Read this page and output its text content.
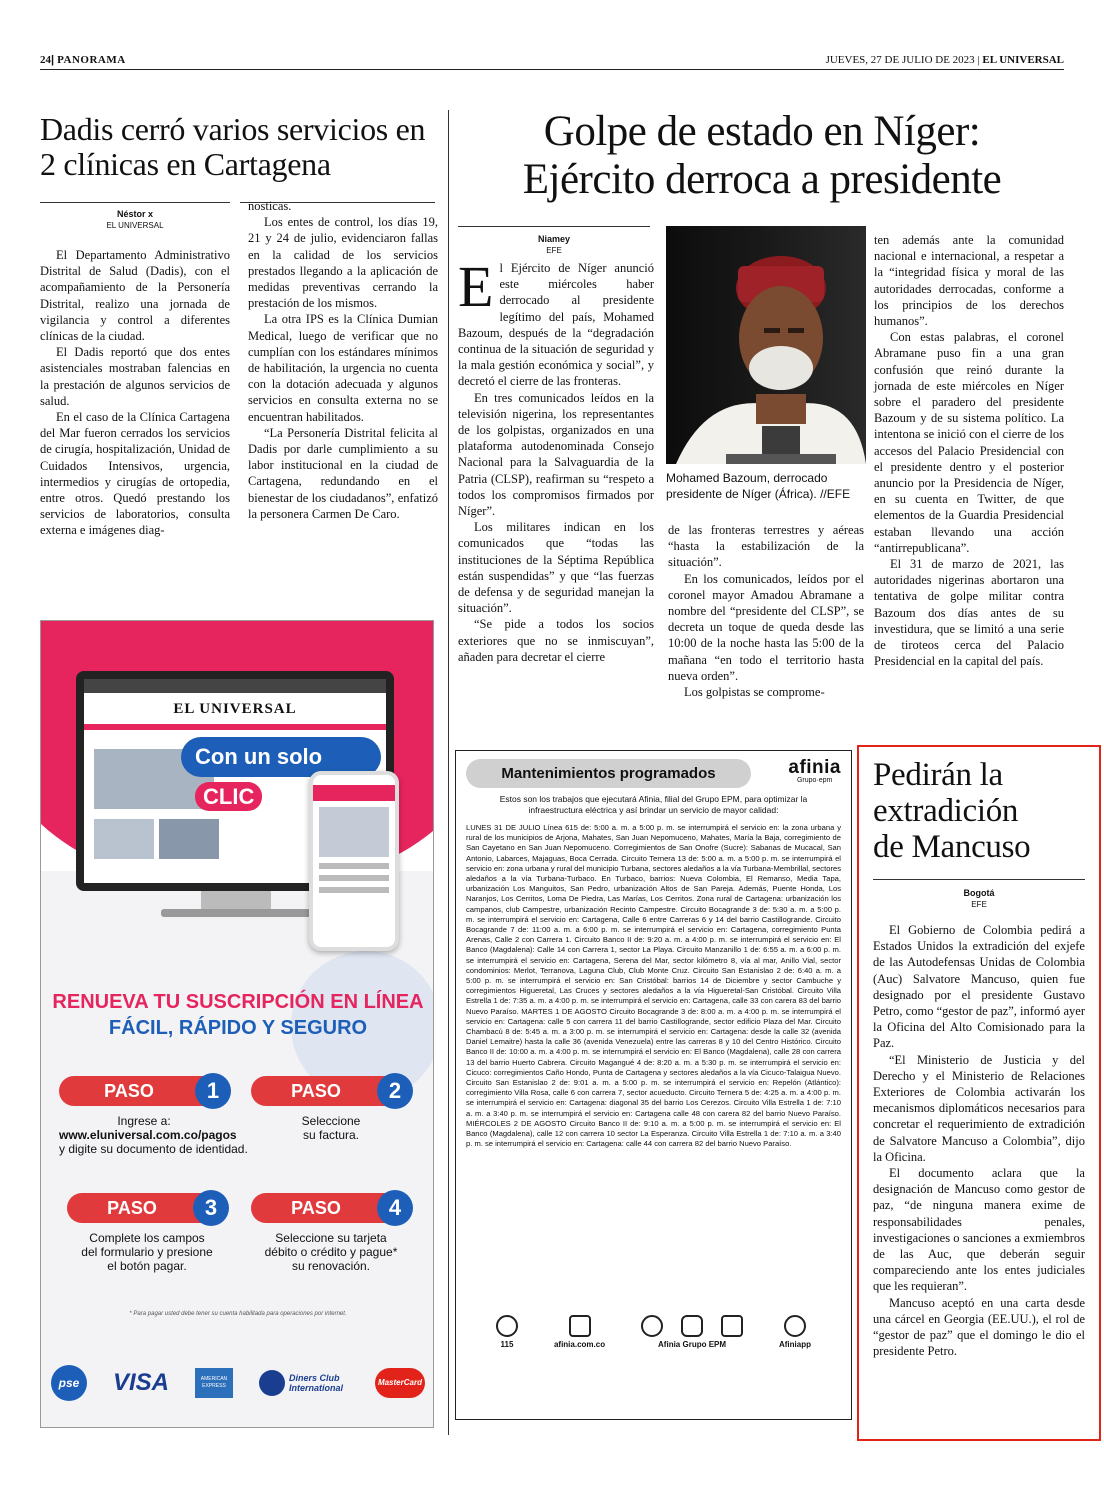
24| PANORAMA	JUEVES, 27 DE JULIO DE 2023 | EL UNIVERSAL
Dadis cerró varios servicios en 2 clínicas en Cartagena
Néstor x
EL UNIVERSAL

El Departamento Administrativo Distrital de Salud (Dadis), con el acompañamiento de la Personería Distrital, realizo una jornada de vigilancia y control a diferentes clínicas de la ciudad.

El Dadis reportó que dos entes asistenciales mostraban falencias en la prestación de algunos servicios de salud.

En el caso de la Clínica Cartagena del Mar fueron cerrados los servicios de cirugía, hospitalización, Unidad de Cuidados Intensivos, urgencia, intermedios y cirugías de ortopedia, entre otros. Quedó prestando los servicios de laboratorios, consulta externa e imágenes diag-

nosticas.

Los entes de control, los días 19, 21 y 24 de julio, evidenciaron fallas en la calidad de los servicios prestados llegando a la aplicación de medidas preventivas cerrando la prestación de los mismos.

La otra IPS es la Clínica Dumian Medical, luego de verificar que no cumplían con los estándares mínimos de habilitación, la urgencia no cuenta con la dotación adecuada y algunos servicios en consulta externa no se encuentran habilitados.

“La Personería Distrital felicita al Dadis por darle cumplimiento a su labor institucional en la ciudad de Cartagena, redundando en el bienestar de los ciudadanos”, enfatizó la personera Carmen De Caro.

Golpe de estado en Níger:
Ejército derroca a presidente
Niamey
EFE

El Ejército de Níger anunció este miércoles haber derrocado al presidente legítimo del país, Mohamed Bazoum, después de la “degradación continua de la situación de seguridad y la mala gestión económica y social”, y decretó el cierre de las fronteras.

En tres comunicados leídos en la televisión nigerina, los representantes de los golpistas, organizados en una plataforma autodenominada Consejo Nacional para la Salvaguardia de la Patria (CLSP), reafirman su “respeto a todos los compromisos firmados por Níger”.

Los militares indican en los comunicados que “todas las instituciones de la Séptima República están suspendidas” y que “las fuerzas de defensa y de seguridad manejan la situación”.

“Se pide a todos los socios exteriores que no se inmiscuyan”, añaden para decretar el cierre

Mohamed Bazoum, derrocado presidente de Níger (África). //EFE

de las fronteras terrestres y aéreas “hasta la estabilización de la situación”.

En los comunicados, leídos por el coronel mayor Amadou Abramane a nombre del “presidente del CLSP”, se decreta un toque de queda desde las 10:00 de la noche hasta las 5:00 de la mañana “en todo el territorio hasta nueva orden”.

Los golpistas se comprome-

ten además ante la comunidad nacional e internacional, a respetar a la “integridad física y moral de las autoridades derrocadas, conforme a los principios de los derechos humanos”.

Con estas palabras, el coronel Abramane puso fin a una gran confusión que reinó durante la jornada de este miércoles en Níger sobre el paradero del presidente Bazoum y de su sistema político. La intentona se inició con el cierre de los accesos del Palacio Presidencial con el presidente dentro y el posterior anuncio por la Presidencia de Níger, en su cuenta en Twitter, de que elementos de la Guardia Presidencial estaban llevando una acción “antirrepublicana”.

El 31 de marzo de 2021, las autoridades nigerinas abortaron una tentativa de golpe militar contra Bazoum dos días antes de su investidura, que se limitó a una serie de tiroteos cerca del Palacio Presidencial en la capital del país.

EL UNIVERSAL
Con un solo CLIC
RENUEVA TU SUSCRIPCIÓN EN LÍNEA
FÁCIL, RÁPIDO Y SEGURO
PASO	1
Ingrese a:
www.eluniversal.com.co/pagos
y digite su documento de identidad.
PASO	2
Seleccione
su factura.
PASO	3
Complete los campos
del formulario y presione
el botón pagar.
PASO	4
Seleccione su tarjeta
débito o crédito y pague*
su renovación.
* Para pagar usted debe tener su cuenta habilitada para operaciones por internet.
pse	VISA	AMERICAN EXPRESS
Diners Club International
MasterCard
Mantenimientos programados	afinia
Grupo·epm
Estos son los trabajos que ejecutará Afinia, filial del Grupo EPM, para optimizar la infraestructura eléctrica y así brindar un servicio de mayor calidad:
LUNES 31 DE JULIO Línea 615 de: 5:00 a. m. a 5:00 p. m. se interrumpirá el servicio en: la zona urbana y rural de los municipios de Arjona, Mahates, San Juan Nepomuceno, Mahates, María la Baja, corregimiento de San Cayetano en San Juan Nepomuceno. Corregimientos de San Onofre (Sucre): Sabanas de Mucacal, San Antonio, Labarces, Majaguas, Boca Cerrada. Circuito Ternera 13 de: 5:00 a. m. a 5:00 p. m. se interrumpirá el servicio en: zona urbana y rural del municipio Turbana, sectores aledaños a la vía Turbana-Membrillal, sectores aledaños a la vía Turbana-Turbaco. En Turbaco, barrios: Nueva Colombia, El Remanso, Media Tapa, urbanización Los Manguitos, San Pedro, urbanización Altos de San Pareja. Además, Puente Honda, Los Naranjos, Los Cerritos, Loma De Piedra, Las Marías, Los Cerritos. Zona rural de Cartagena: urbanización los campanos, club Campestre, urbanización Recinto Campestre. Circuito Bocagrande 3 de: 5:30 a. m. a 5:00 p. m. se interrumpirá el servicio en: Cartagena, Calle 6 entre Carreras 6 y 14 del barrio Castillogrande. Circuito Bocagrande 7 de: 11:00 a. m. a 6:00 p. m. se interrumpirá el servicio en: Cartagena, corregimiento Punta Arenas, Calle 2 con Carrera 1. Circuito Banco II de: 9:20 a. m. a 4:00 p. m. se interrumpirá el servicio en: El Banco (Magdalena): Calle 14 con Carrera 1, sector La Playa. Circuito Manzanillo 1 de: 6:55 a. m. a 6:00 p. m. se interrumpirá el servicio en: Cartagena, Serena del Mar, sector kilómetro 8, vía al mar, Anillo Vial, sector condominios: Merlot, Terranova, Laguna Club, Club Monte Cruz. Circuito San Estanislao 2 de: 6:40 a. m. a 5:00 p. m. se interrumpirá el servicio en: San Cristóbal: barrios 14 de Diciembre y sector Cambuche y corregimientos Higueretal, Las Cruces y sectores aledaños a la vía Higueretal-San Cristóbal. Circuito Villa Estrella 1 de: 7:35 a. m. a 4:00 p. m. se interrumpirá el servicio en: Cartagena, calle 33 con carera 83 del barrio Nuevo Paraíso. MARTES 1 DE AGOSTO Circuito Bocagrande 3 de: 8:00 a. m. a 4:00 p. m. se interrumpirá el servicio en: Cartagena: calle 5 con carrera 11 del barrio Castillogrande, sector edificio Plaza del Mar. Circuito Chambacú 8 de: 5:45 a. m. a 3:00 p. m. se interrumpirá el servicio en: Cartagena: desde la calle 32 (avenida Daniel Lemaitre) hasta la calle 36 (avenida Venezuela) entre las carreras 8 y 10 del Centro Histórico. Circuito Banco II de: 10:00 a. m. a 4:00 p. m. se interrumpirá el servicio en: El Banco (Magdalena), calle 28 con carrera 13 del barrio Huerto Cabrera. Circuito Magangué 4 de: 8:20 a. m. a 5:30 p. m. se interrumpirá el servicio en: Cicuco: corregimientos Caño Hondo, Punta de Cartagena y sectores aledaños a la vía Cicuco-Talaigua Nuevo. Circuito San Estanislao 2 de: 9:01 a. m. a 5:00 p. m. se interrumpirá el servicio en: Repelón (Atlántico): corregimiento Villa Rosa, calle 6 con carrera 7, sector acueducto. Circuito Ternera 5 de: 4:25 a. m. a 4:00 p. m. se interrumpirá el servicio en: Cartagena: diagonal 35 del barrio Los Cerezos. Circuito Villa Estrella 1 de: 7:10 a. m. a 3:40 p. m. se interrumpirá el servicio en: Cartagena calle 48 con carera 82 del barrio Nuevo Paraíso. MIÉRCOLES 2 DE AGOSTO Circuito Banco II de: 9:10 a. m. a 5:00 p. m. se interrumpirá el servicio en: El Banco (Magdalena), calle 12 con carrera 10 sector La Esperanza. Circuito Villa Estrella 1 de: 7:10 a. m. a 3:40 p. m. se interrumpirá el servicio en: Cartagena: calle 44 con carrera 82 del barrio Nuevo Paraíso.
115	afinia.com.co	Afinia Grupo EPM	Afiniapp
Pedirán la
extradición
de Mancuso
Bogotá
EFE

El Gobierno de Colombia pedirá a Estados Unidos la extradición del exjefe de las Autodefensas Unidas de Colombia (Auc) Salvatore Mancuso, quien fue designado por el presidente Gustavo Petro, como “gestor de paz”, informó ayer la Oficina del Alto Comisionado para la Paz.

“El Ministerio de Justicia y del Derecho y el Ministerio de Relaciones Exteriores de Colombia activarán los mecanismos diplomáticos necesarios para concretar el requerimiento de extradición de Salvatore Mancuso a Colombia”, dijo la Oficina.

El documento aclara que la designación de Mancuso como gestor de paz, “de ninguna manera exime de responsabilidades penales, investigaciones o sanciones a exmiembros de las Auc, que deberán seguir compareciendo ante los entes judiciales que les requieran”.

Mancuso aceptó en una carta desde una cárcel en Georgia (EE.UU.), el rol de “gestor de paz” que el domingo le dio el presidente Petro.
